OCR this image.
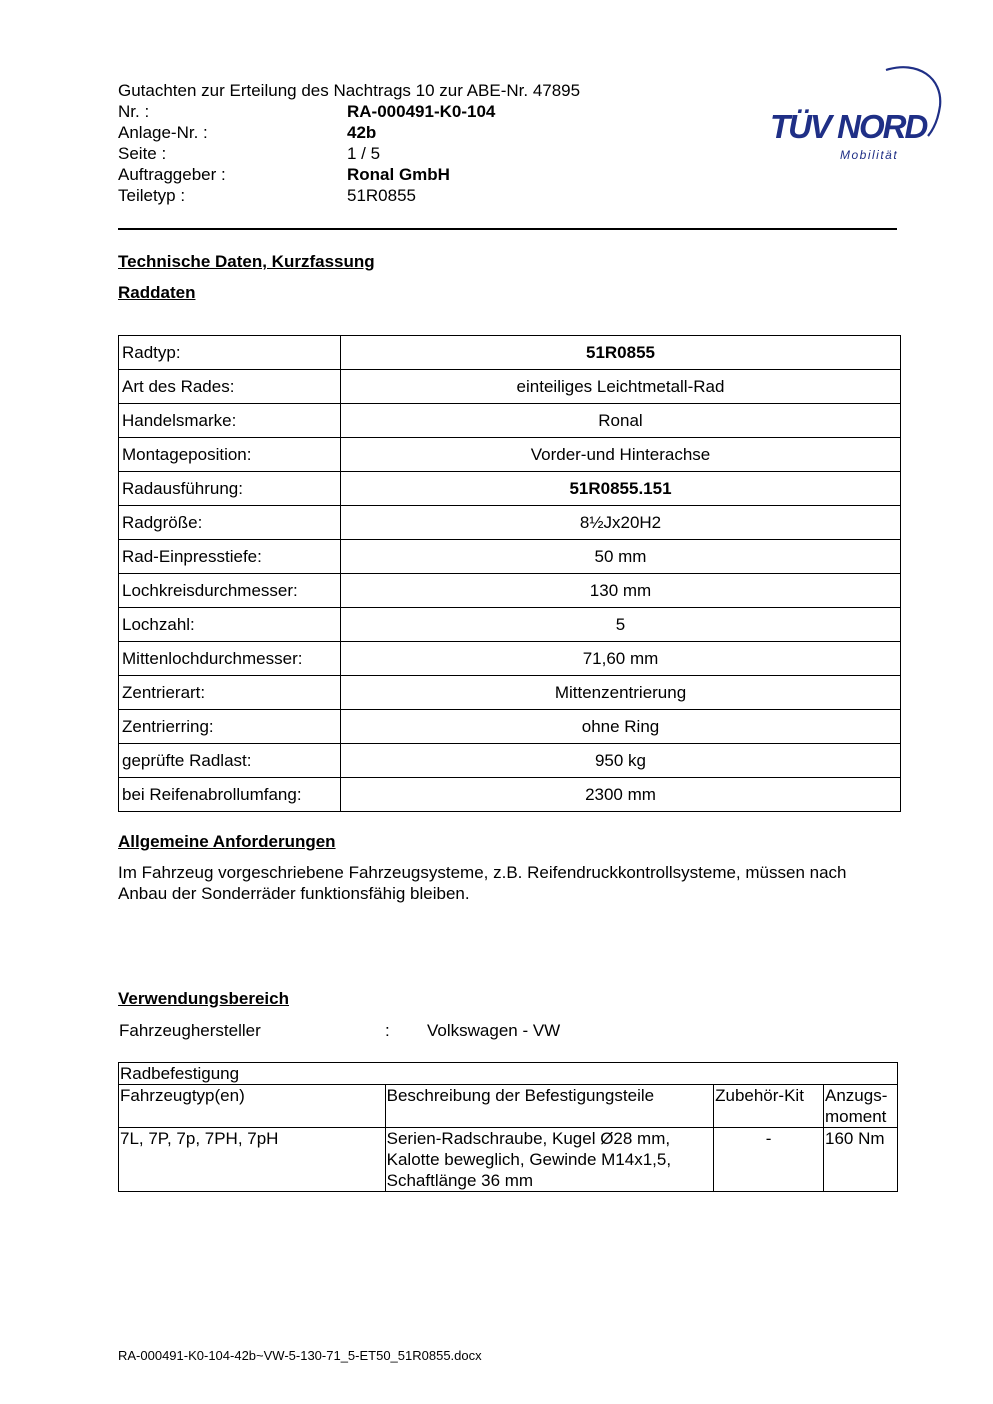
Gutachten zur Erteilung des Nachtrags 10 zur ABE-Nr. 47895
Nr. :	RA-000491-K0-104
Anlage-Nr. :	42b
Seite :	1 / 5
Auftraggeber :	Ronal GmbH
Teiletyp :	51R0855
TÜV NORD
Mobilität
Technische Daten, Kurzfassung
Raddaten
Radtyp:	51R0855
Art des Rades:	einteiliges Leichtmetall-Rad
Handelsmarke:	Ronal
Montageposition:	Vorder-und Hinterachse
Radausführung:	51R0855.151
Radgröße:	8½Jx20H2
Rad-Einpresstiefe:	50 mm
Lochkreisdurchmesser:	130 mm
Lochzahl:	5
Mittenlochdurchmesser:	71,60 mm
Zentrierart:	Mittenzentrierung
Zentrierring:	ohne Ring
geprüfte Radlast:	950 kg
bei Reifenabrollumfang:	2300 mm
Allgemeine Anforderungen
Im Fahrzeug vorgeschriebene Fahrzeugsysteme, z.B. Reifendruckkontrollsysteme, müssen nach Anbau der Sonderräder funktionsfähig bleiben.
Verwendungsbereich
Fahrzeughersteller	: Volkswagen - VW
Radbefestigung			
Fahrzeugtyp(en)	Beschreibung der Befestigungsteile	Zubehör-Kit	Anzugs-moment
7L, 7P, 7p, 7PH, 7pH	Serien-Radschraube, Kugel Ø28 mm, Kalotte beweglich, Gewinde M14x1,5, Schaftlänge 36 mm	-	160 Nm
RA-000491-K0-104-42b~VW-5-130-71_5-ET50_51R0855.docx
